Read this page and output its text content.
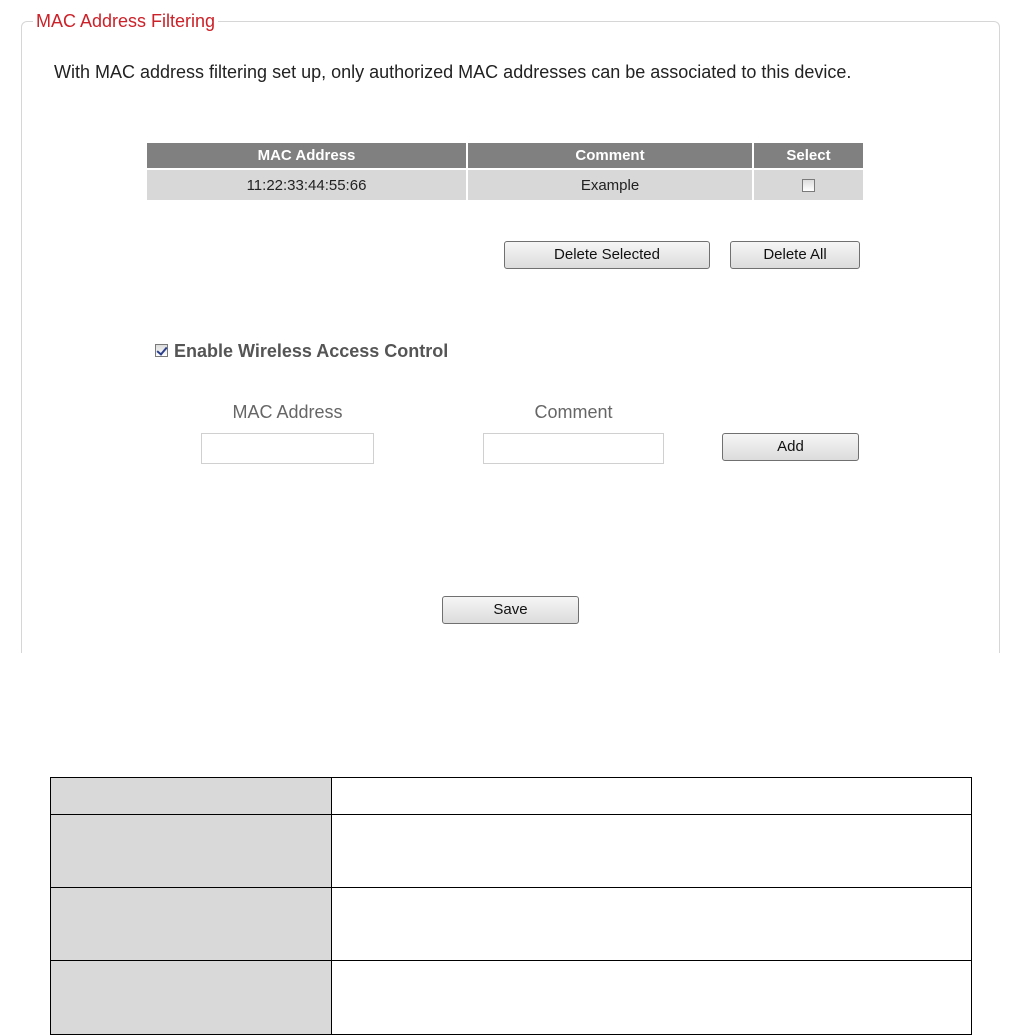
MAC Address Filtering
With MAC address filtering set up, only authorized MAC addresses can be associated to this device.
MAC Address	Comment	Select
11:22:33:44:55:66	Example	
Delete Selected	Delete All
Enable Wireless Access Control
MAC Address	Comment
Add
Save
